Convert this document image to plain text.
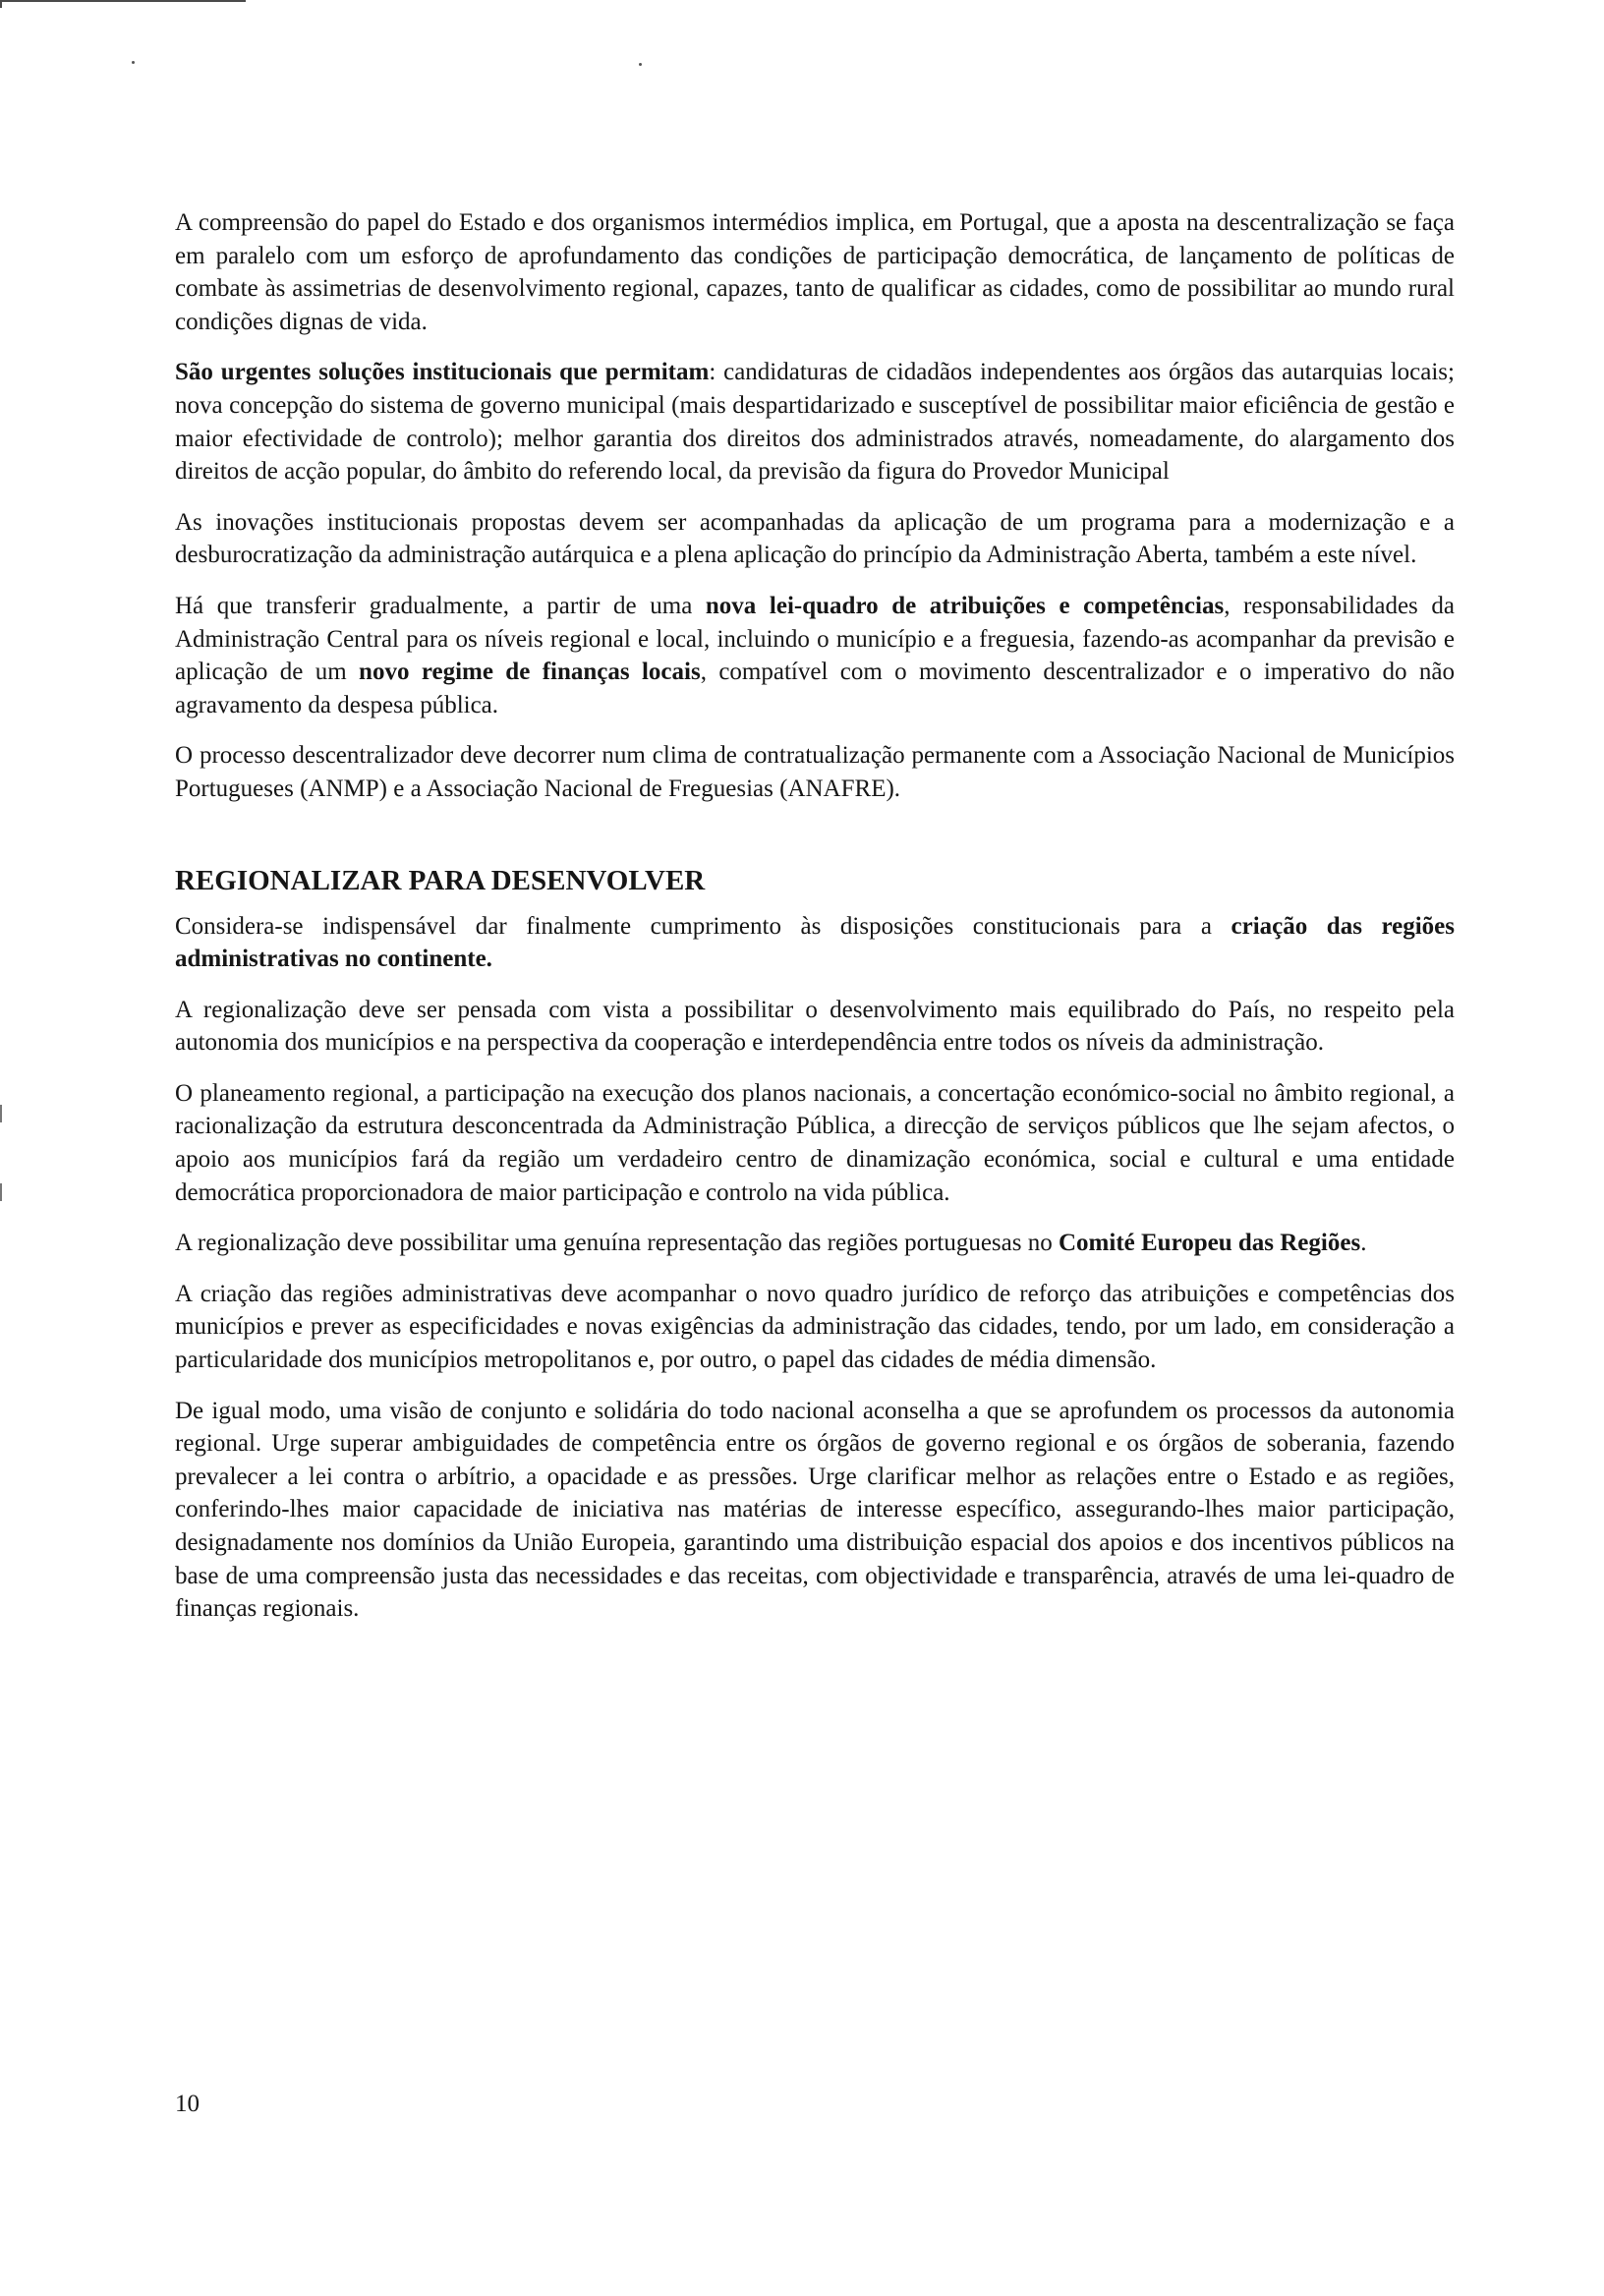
A compreensão do papel do Estado e dos organismos intermédios implica, em Portugal, que a aposta na descentralização se faça em paralelo com um esforço de aprofundamento das condições de participação democrática, de lançamento de políticas de combate às assimetrias de desenvolvimento regional, capazes, tanto de qualificar as cidades, como de possibilitar ao mundo rural condições dignas de vida.

São urgentes soluções institucionais que permitam: candidaturas de cidadãos independentes aos órgãos das autarquias locais; nova concepção do sistema de governo municipal (mais despartidarizado e susceptível de possibilitar maior eficiência de gestão e maior efectividade de controlo); melhor garantia dos direitos dos administrados através, nomeadamente, do alargamento dos direitos de acção popular, do âmbito do referendo local, da previsão da figura do Provedor Municipal

As inovações institucionais propostas devem ser acompanhadas da aplicação de um programa para a modernização e a desburocratização da administração autárquica e a plena aplicação do princípio da Administração Aberta, também a este nível.

Há que transferir gradualmente, a partir de uma nova lei-quadro de atribuições e competências, responsabilidades da Administração Central para os níveis regional e local, incluindo o município e a freguesia, fazendo-as acompanhar da previsão e aplicação de um novo regime de finanças locais, compatível com o movimento descentralizador e o imperativo do não agravamento da despesa pública.

O processo descentralizador deve decorrer num clima de contratualização permanente com a Associação Nacional de Municípios Portugueses (ANMP) e a Associação Nacional de Freguesias (ANAFRE).

REGIONALIZAR PARA DESENVOLVER

Considera-se indispensável dar finalmente cumprimento às disposições constitucionais para a criação das regiões administrativas no continente.

A regionalização deve ser pensada com vista a possibilitar o desenvolvimento mais equilibrado do País, no respeito pela autonomia dos municípios e na perspectiva da cooperação e interdependência entre todos os níveis da administração.

O planeamento regional, a participação na execução dos planos nacionais, a concertação económico-social no âmbito regional, a racionalização da estrutura desconcentrada da Administração Pública, a direcção de serviços públicos que lhe sejam afectos, o apoio aos municípios fará da região um verdadeiro centro de dinamização económica, social e cultural e uma entidade democrática proporcionadora de maior participação e controlo na vida pública.

A regionalização deve possibilitar uma genuína representação das regiões portuguesas no Comité Europeu das Regiões.

A criação das regiões administrativas deve acompanhar o novo quadro jurídico de reforço das atribuições e competências dos municípios e prever as especificidades e novas exigências da administração das cidades, tendo, por um lado, em consideração a particularidade dos municípios metropolitanos e, por outro, o papel das cidades de média dimensão.

De igual modo, uma visão de conjunto e solidária do todo nacional aconselha a que se aprofundem os processos da autonomia regional. Urge superar ambiguidades de competência entre os órgãos de governo regional e os órgãos de soberania, fazendo prevalecer a lei contra o arbítrio, a opacidade e as pressões. Urge clarificar melhor as relações entre o Estado e as regiões, conferindo-lhes maior capacidade de iniciativa nas matérias de interesse específico, assegurando-lhes maior participação, designadamente nos domínios da União Europeia, garantindo uma distribuição espacial dos apoios e dos incentivos públicos na base de uma compreensão justa das necessidades e das receitas, com objectividade e transparência, através de uma lei-quadro de finanças regionais.

10
